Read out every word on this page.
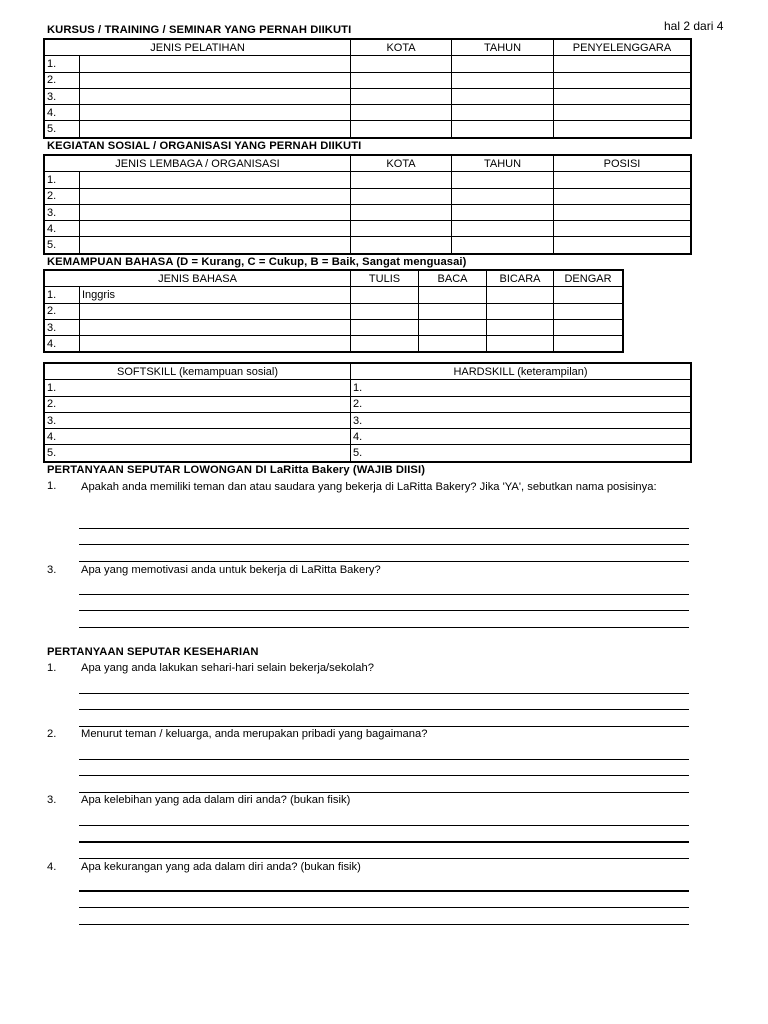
hal 2 dari 4
KURSUS / TRAINING / SEMINAR YANG PERNAH DIIKUTI
JENIS PELATIHAN		KOTA	TAHUN	PENYELENGGARA
1.				
2.				
3.				
4.				
5.				
KEGIATAN SOSIAL / ORGANISASI YANG PERNAH DIIKUTI
JENIS LEMBAGA / ORGANISASI		KOTA	TAHUN	POSISI
1.				
2.				
3.				
4.				
5.				
KEMAMPUAN BAHASA (D = Kurang, C = Cukup, B = Baik, Sangat menguasai)
JENIS BAHASA		TULIS	BACA	BICARA	DENGAR
1.	Inggris				
2.					
3.					
4.					
SOFTSKILL (kemampuan sosial)	HARDSKILL (keterampilan)
1.	1.
2.	2.
3.	3.
4.	4.
5.	5.
PERTANYAAN SEPUTAR LOWONGAN DI LaRitta Bakery (WAJIB DIISI)
1. Apakah anda memiliki teman dan atau saudara yang bekerja di LaRitta Bakery? Jika 'YA', sebutkan nama posisinya:
3. Apa yang memotivasi anda untuk bekerja di LaRitta Bakery?
PERTANYAAN SEPUTAR KESEHARIAN
1. Apa yang anda lakukan sehari-hari selain bekerja/sekolah?
2. Menurut teman / keluarga, anda merupakan pribadi yang bagaimana?
3. Apa kelebihan yang ada dalam diri anda? (bukan fisik)
4. Apa kekurangan yang ada dalam diri anda? (bukan fisik)
